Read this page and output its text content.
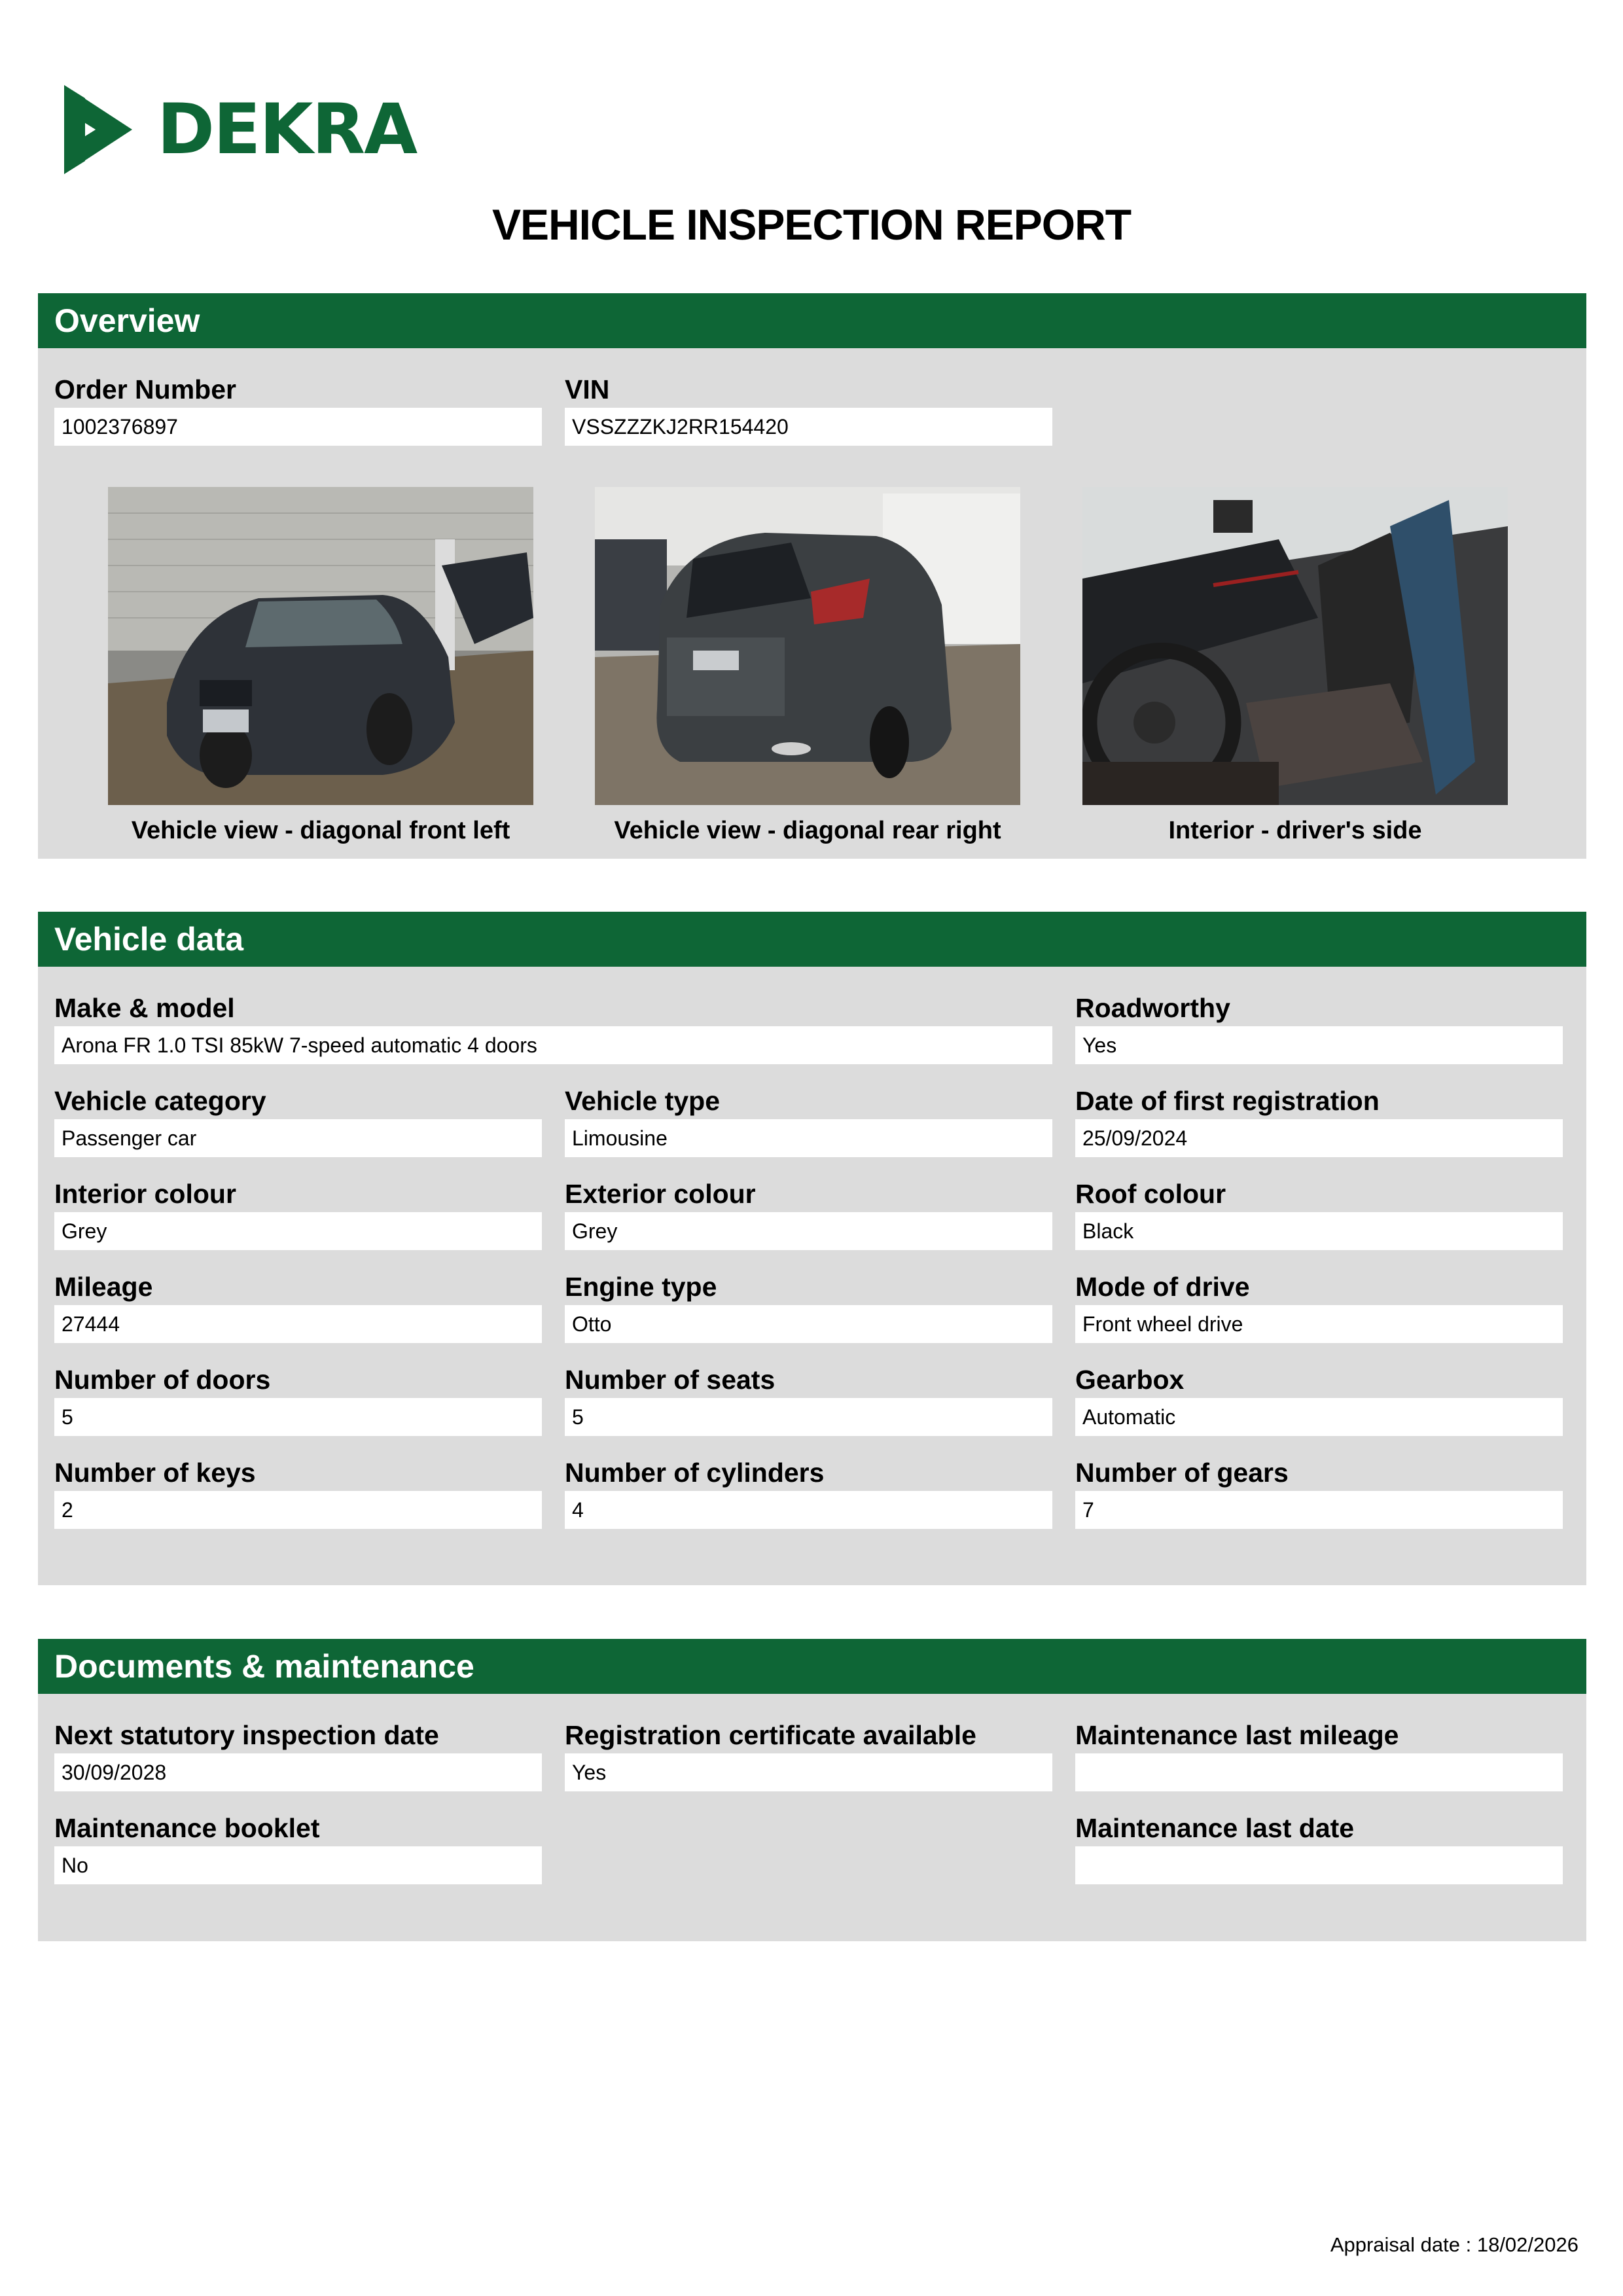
DEKRA
VEHICLE INSPECTION REPORT
Overview
Order Number
1002376897
VIN
VSSZZZKJ2RR154420
Vehicle view - diagonal front left	Vehicle view - diagonal rear right	Interior - driver's side
Vehicle data
Make & model
Arona FR 1.0 TSI 85kW 7-speed automatic 4 doors
Roadworthy
Yes
Vehicle category
Passenger car
Vehicle type
Limousine
Date of first registration
25/09/2024
Interior colour
Grey
Exterior colour
Grey
Roof colour
Black
Mileage
27444
Engine type
Otto
Mode of drive
Front wheel drive
Number of doors
5
Number of seats
5
Gearbox
Automatic
Number of keys
2
Number of cylinders
4
Number of gears
7
Documents & maintenance
Next statutory inspection date
30/09/2028
Registration certificate available
Yes
Maintenance last mileage
Maintenance booklet
No
Maintenance last date
Appraisal date : 18/02/2026
